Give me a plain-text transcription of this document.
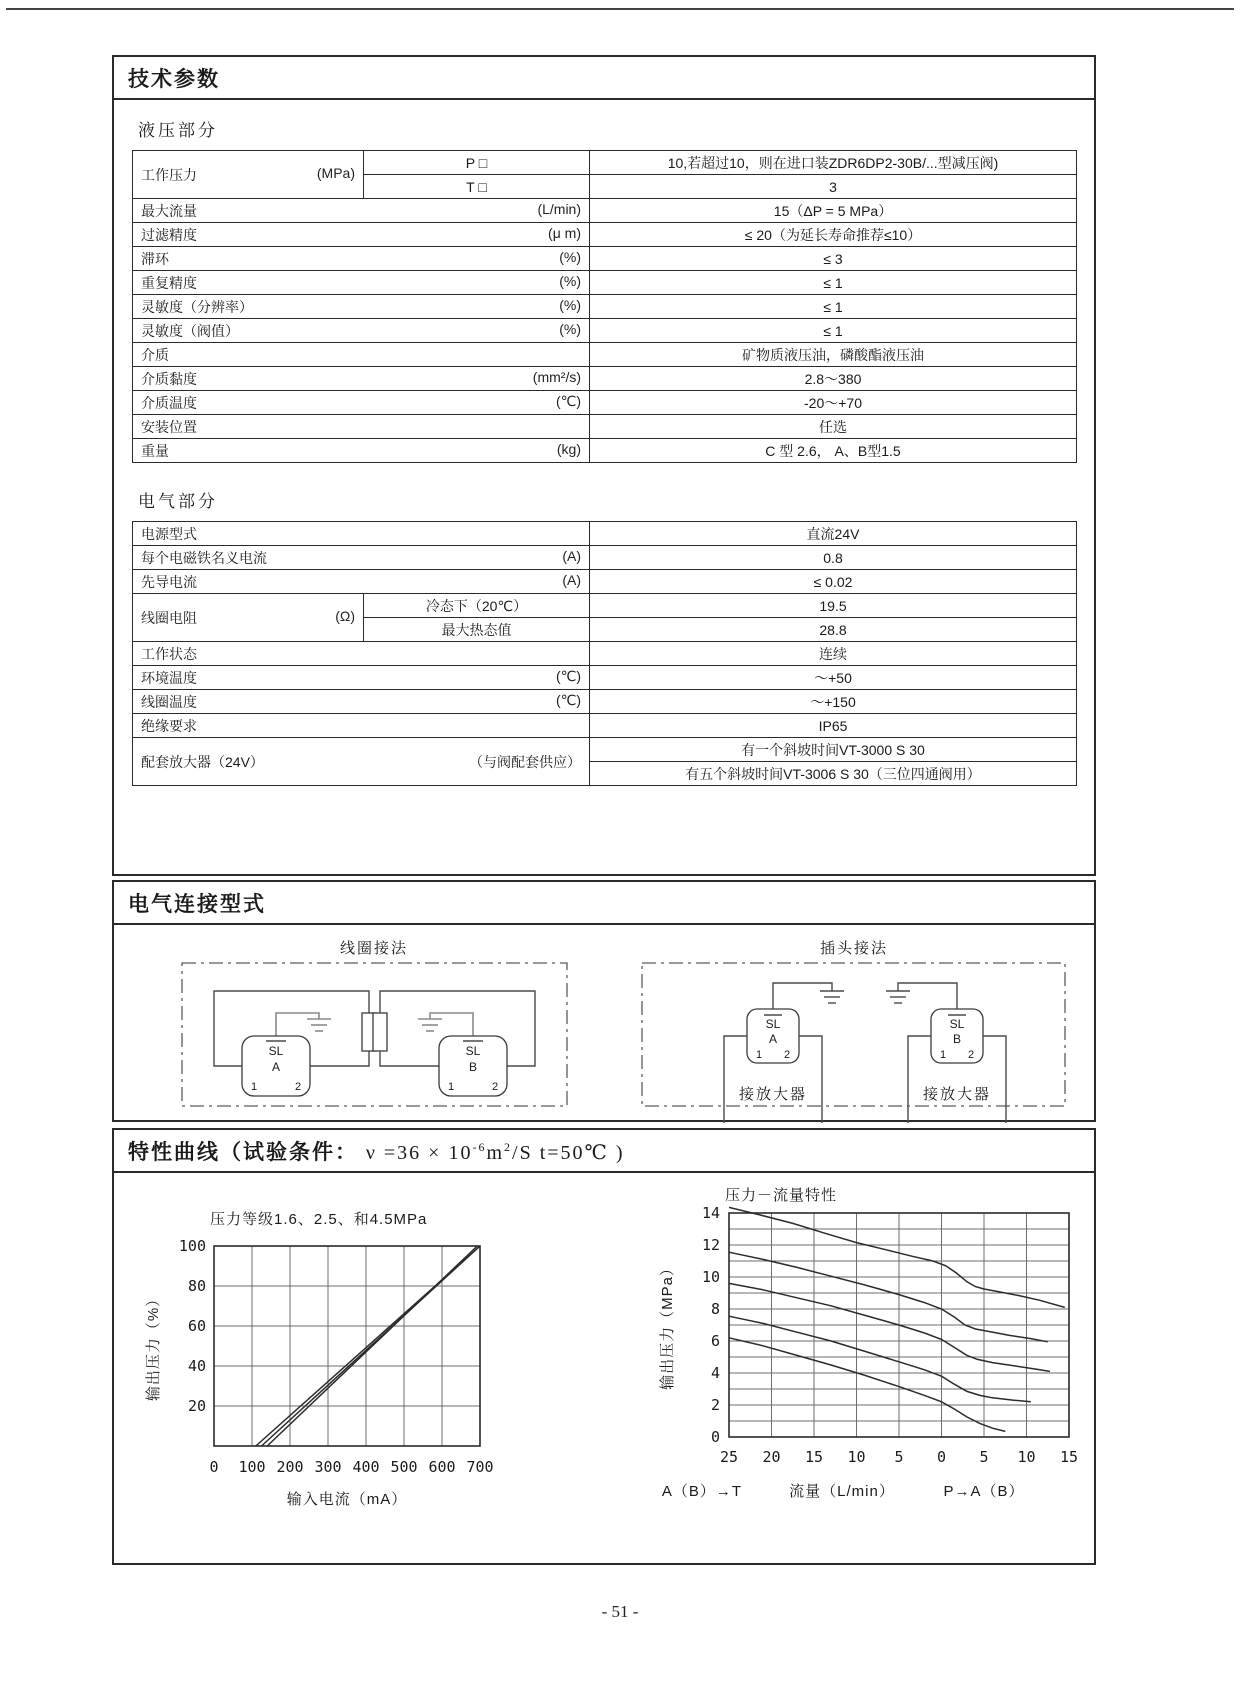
技术参数
液压部分
工作压力 (MPa)	P □	10,若超过10，则在进口装ZDR6DP2-30B/...型减压阀)
	T □	3
最大流量 (L/min)		15（ΔP = 5 MPa）
过滤精度 (μ m)		≤ 20（为延长寿命推荐≤10）
滞环 (%)		≤ 3
重复精度 (%)		≤ 1
灵敏度（分辨率） (%)		≤ 1
灵敏度（阀值） (%)		≤ 1
介质		矿物质液压油，磷酸酯液压油
介质黏度 (mm²/s)		2.8～380
介质温度 (℃)		-20～+70
安装位置		任选
重量 (kg)		C 型 2.6， A、B型1.5
电气部分
电源型式		直流24V
每个电磁铁名义电流 (A)		0.8
先导电流 (A)		≤ 0.02
线圈电阻 (Ω)	冷态下（20℃）	19.5
	最大热态值	28.8
工作状态		连续
环境温度 (℃)		～+50
线圈温度 (℃)		～+150
绝缘要求		IP65
配套放大器（24V） （与阀配套供应）		有一个斜坡时间VT-3000 S 30
		有五个斜坡时间VT-3006 S 30（三位四通阀用）
电气连接型式
线圈接法
SL
A
1	2
SL
B
1	2
插头接法
SL
A
1 2
接放大器
SL
B
1 2
接放大器
特性曲线（试验条件： $\nu =36 \times 10^{-6}m^2/S$ t=50℃ )
0 100 200 300 400 500 600 700
20
40
60
80
100
压力等级1.6、2.5、和4.5MPa
输入电流（mA）
输出压力（%）
25 20 15 10 5 0 5 10 15
0
2
4
6
8
10
12
14
压力－流量特性
流量（L/min）
输出压力（MPa）
A（B）→T	P→A（B）
- 51 -
